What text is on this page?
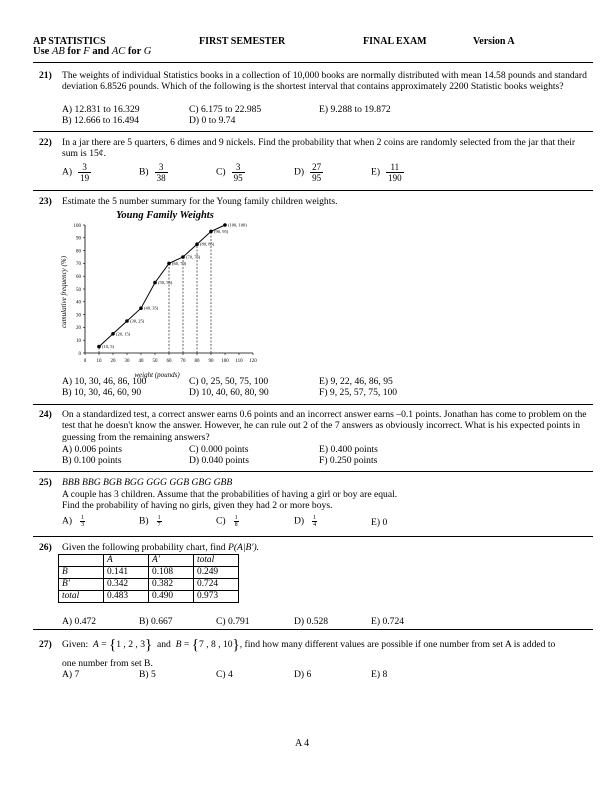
AP STATISTICS	FIRST SEMESTER	FINAL EXAM	Version A
Use AB for F and AC for G
21) The weights of individual Statistics books in a collection of 10,000 books are normally distributed with mean 14.58 pounds and standard deviation 6.8526 pounds. Which of the following is the shortest interval that contains approximately 2200 Statistic books weights?
A) 12.831 to 16.329
B) 12.666 to 16.494
C) 6.175 to 22.985
D) 0 to 9.74
E) 9.288 to 19.872
22) In a jar there are 5 quarters, 6 dimes and 9 nickels. Find the probability that when 2 coins are randomly selected from the jar that their sum is 15¢.
$A) \frac{3}{19}$	$B) \frac{3}{38}$	$C) \frac{3}{95}$	$D) \frac{27}{95}$	$E) \frac{11}{190}$
23) Estimate the 5 number summary for the Young family children weights.
A) 10, 30, 46, 86, 100
B) 10, 30, 46, 60, 90
C) 0, 25, 50, 75, 100
D) 10, 40, 60, 80, 90
E) 9, 22, 46, 86, 95
F) 9, 25, 57, 75, 100
Young Family Weights
cumulative frequency (%)
weight (pounds)
0 10 20 30 40 50 60 70 80 90 100 110 120
0
10
20
30
40
50
60
70
80
90
100
(10, 5)
(20, 15)
(30, 25)
(40, 35)
(50, 55)
(60, 70)
(70, 75)
(80, 85)
(90, 95)
(100, 100)
24) On a standardized test, a correct answer earns 0.6 points and an incorrect answer earns –0.1 points. Jonathan has come to problem on the test that he doesn't know the answer. However, he can rule out 2 of the 7 answers as obviously incorrect. What is his expected points in guessing from the remaining answers?
A) 0.006 points
B) 0.100 points
C) 0.000 points
D) 0.040 points
E) 0.400 points
F) 0.250 points
25) BBB BBG BGB BGG GGG GGB GBG GBB
A couple has 3 children. Assume that the probabilities of having a girl or boy are equal.
Find the probability of having no girls, given they had 2 or more boys.
$A) \frac{1}{3}$	$B) \frac{1}{7}$	$C) \frac{1}{8}$	$D) \frac{1}{4}$	E) 0
26) Given the following probability chart, find P(A|B').
	A	A'	total
B	0.141	0.108	0.249
B'	0.342	0.382	0.724
total	0.483	0.490	0.973
A) 0.472	B) 0.667	C) 0.791	D) 0.528	E) 0.724
27) Given: A = {1 , 2 , 3} and B = {7 , 8 , 10}, find how many different values are possible if one number from set A is added to
one number from set B.
A) 7	B) 5	C) 4	D) 6	E) 8
A 4
